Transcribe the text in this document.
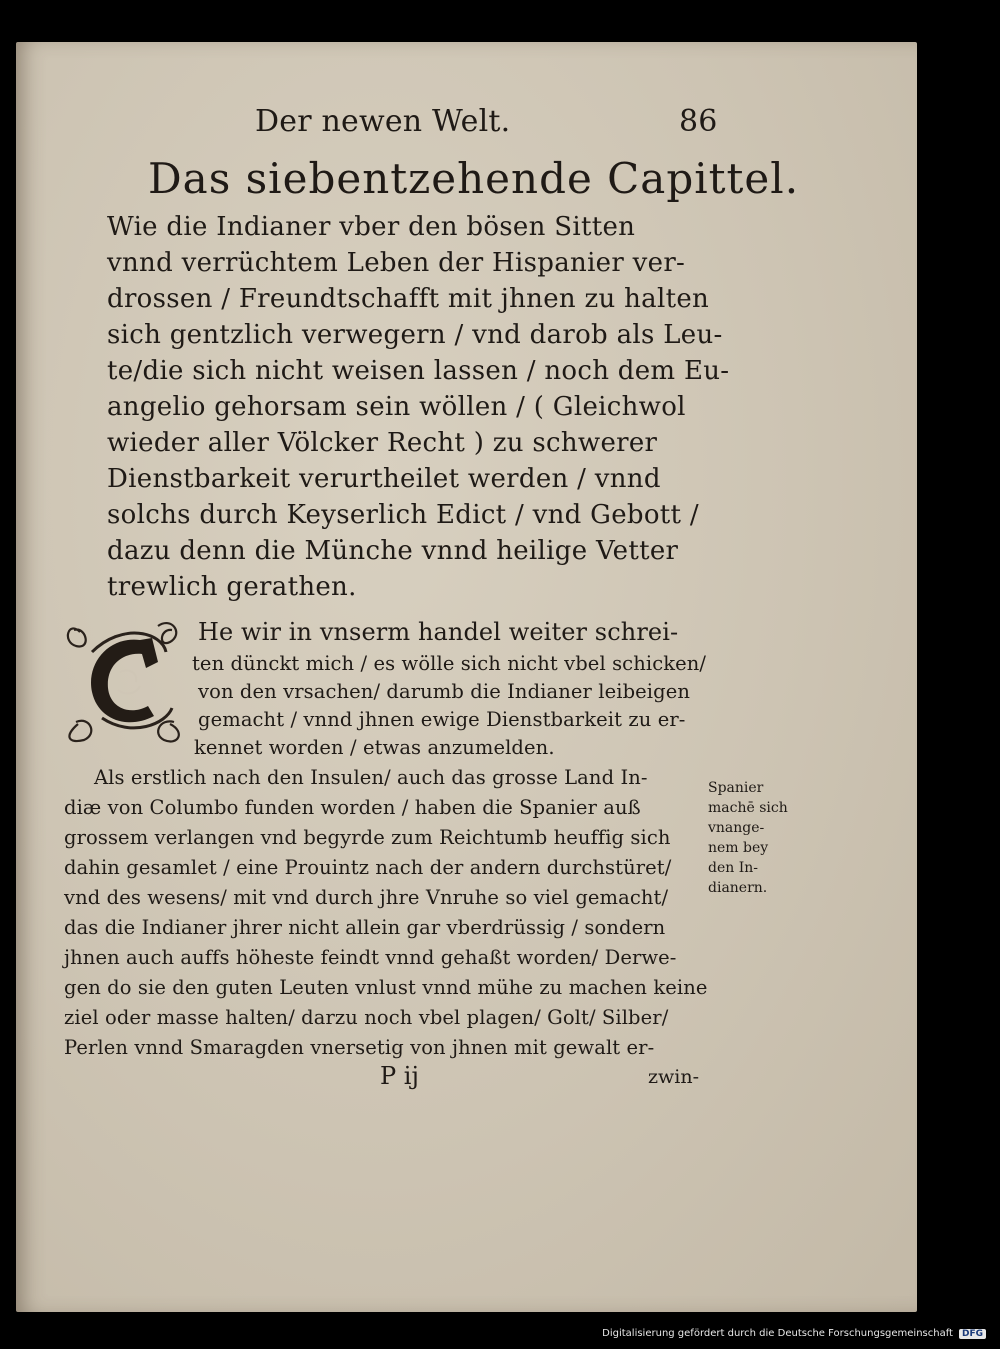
Der newen Welt.	86
Das siebentzehende Capittel.
Wie die Indianer vber den bösen Sitten
vnnd verrüchtem Leben der Hispanier ver-
drossen / Freundtschafft mit jhnen zu halten
sich gentzlich verwegern / vnd darob als Leu-
te/die sich nicht weisen lassen / noch dem Eu-
angelio gehorsam sein wöllen / ( Gleichwol
wieder aller Völcker Recht ) zu schwerer
Dienstbarkeit verurtheilet werden / vnnd
solchs durch Keyserlich Edict / vnd Gebott /
dazu denn die Münche vnnd heilige Vetter
trewlich gerathen.
He wir in vnserm handel weiter schrei-
ten dünckt mich / es wölle sich nicht vbel schicken/
von den vrsachen/ darumb die Indianer leibeigen
gemacht / vnnd jhnen ewige Dienstbarkeit zu er-
kennet worden / etwas anzumelden.
Als erstlich nach den Insulen/ auch das grosse Land In-
diæ von Columbo funden worden / haben die Spanier auß
grossem verlangen vnd begyrde zum Reichtumb heuffig sich
dahin gesamlet / eine Prouintz nach der andern durchstüret/
vnd des wesens/ mit vnd durch jhre Vnruhe so viel gemacht/
das die Indianer jhrer nicht allein gar vberdrüssig / sondern
jhnen auch auffs höheste feindt vnnd gehaßt worden/ Derwe-
gen do sie den guten Leuten vnlust vnnd mühe zu machen keine
ziel oder masse halten/ darzu noch vbel plagen/ Golt/ Silber/
Perlen vnnd Smaragden vnersetig von jhnen mit gewalt er-
Spanier
machē sich
vnange-
nem bey
den In-
dianern.
P ij	zwin-
Digitalisierung gefördert durch die Deutsche Forschungsgemeinschaft	DFG
